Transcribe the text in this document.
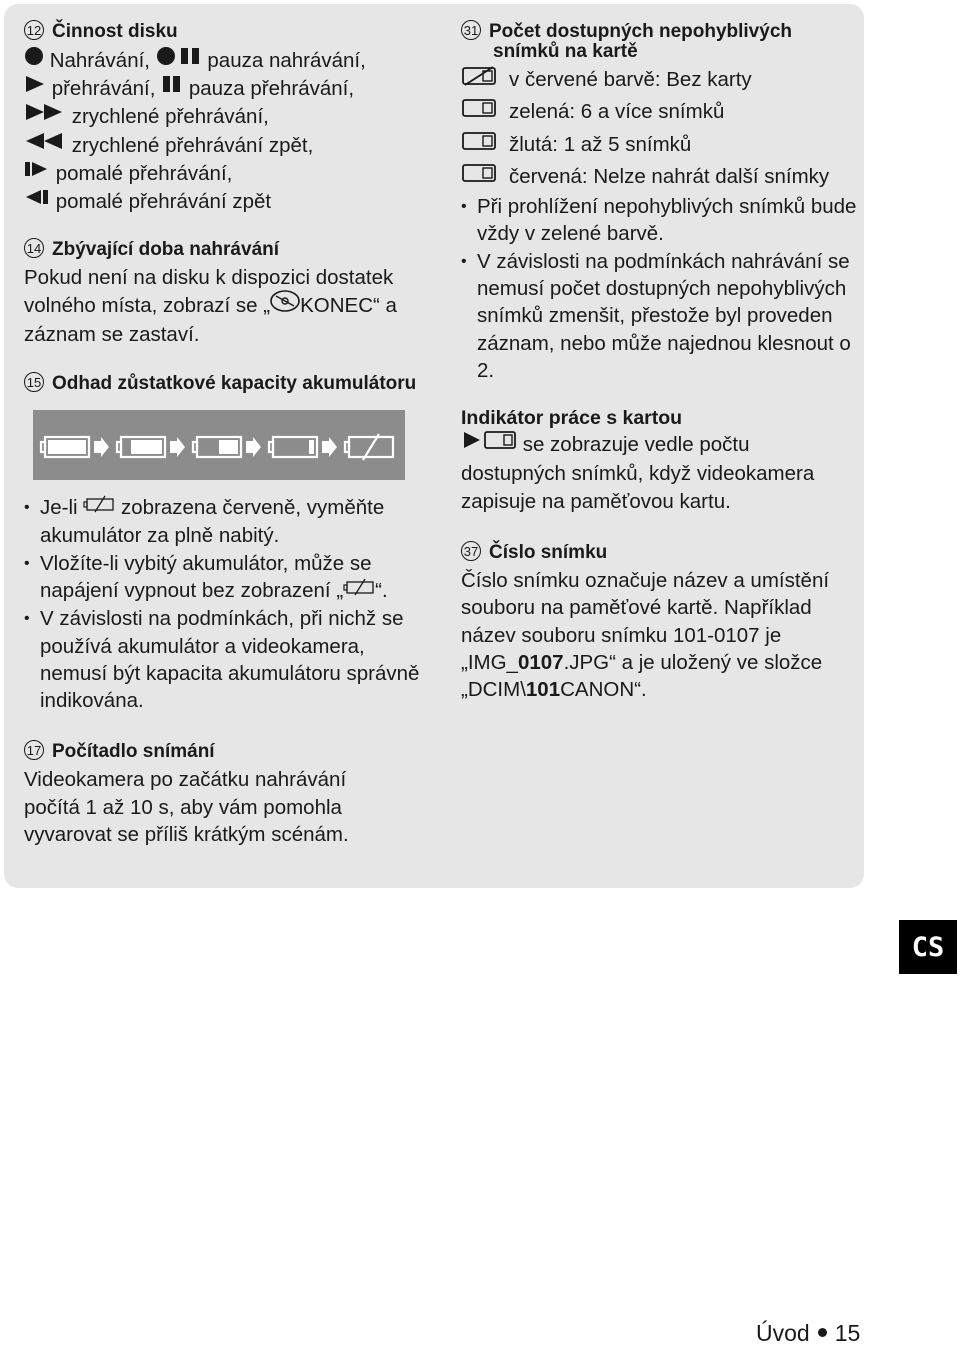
12 Činnost disku

Nahrávání,	pauza nahrávání,
přehrávání, pauza přehrávání,
zrychlené přehrávání,
zrychlené přehrávání zpět,
pomalé přehrávání,
pomalé přehrávání zpět

14 Zbývající doba nahrávání

Pokud není na disku k dispozici dostatek volného místa, zobrazí se „ KONEC“ a záznam se zastaví.

15 Odhad zůstatkové kapacity akumulátoru

• Je-li zobrazena červeně, vyměňte akumulátor za plně nabitý.
• Vložíte-li vybitý akumulátor, může se napájení vypnout bez zobrazení „ “.
• V závislosti na podmínkách, při nichž se používá akumulátor a videokamera, nemusí být kapacita akumulátoru správně indikována.

17 Počítadlo snímání

Videokamera po začátku nahrávání počítá 1 až 10 s, aby vám pomohla vyvarovat se příliš krátkým scénám.

31 Počet dostupných nepohyblivých snímků na kartě

v červené barvě: Bez karty
zelená: 6 a více snímků
žlutá: 1 až 5 snímků
červená: Nelze nahrát další snímky
• Při prohlížení nepohyblivých snímků bude vždy v zelené barvě.
• V závislosti na podmínkách nahrávání se nemusí počet dostupných nepohyblivých snímků zmenšit, přestože byl proveden záznam, nebo může najednou klesnout o 2.

Indikátor práce s kartou

se zobrazuje vedle počtu dostupných snímků, když videokamera zapisuje na paměťovou kartu.

37 Číslo snímku

Číslo snímku označuje název a umístění souboru na paměťové kartě. Například název souboru snímku 101-0107 je „IMG_0107.JPG“ a je uložený ve složce „DCIM\101CANON“.

CS
Úvod 15
